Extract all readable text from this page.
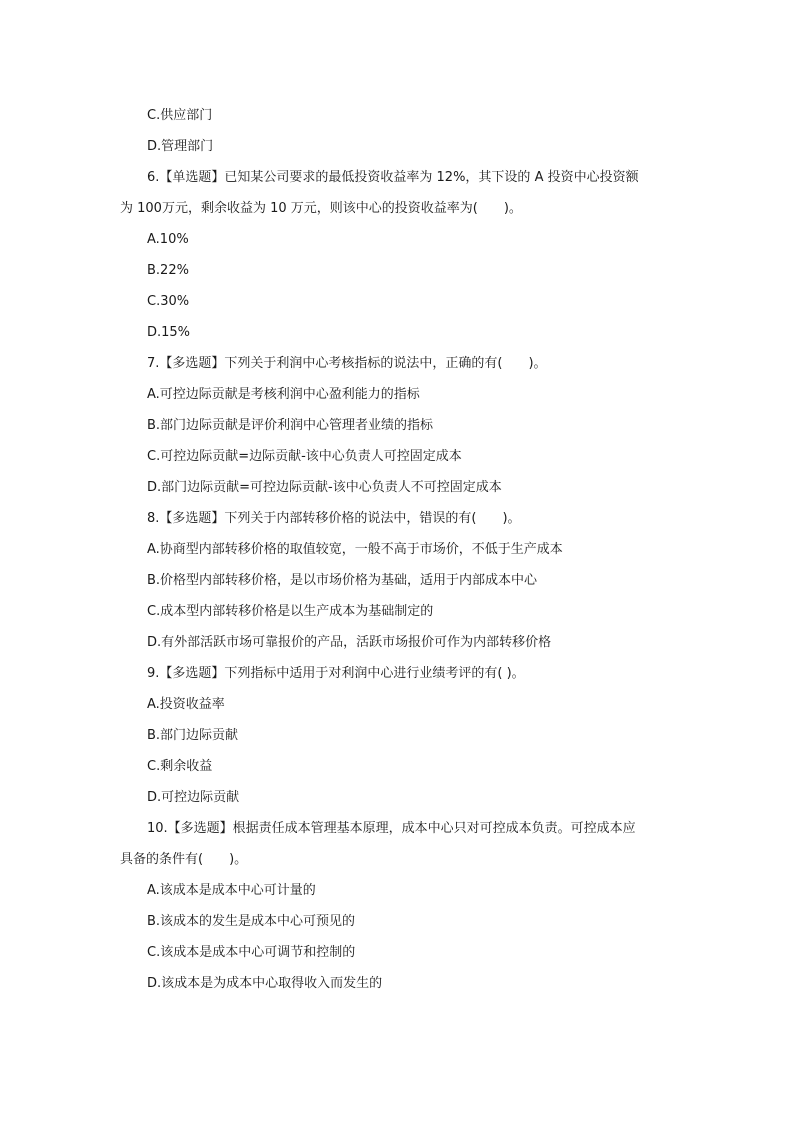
C.供应部门
D.管理部门
6.【单选题】已知某公司要求的最低投资收益率为 12%，其下设的 A 投资中心投资额
为 100万元，剩余收益为 10 万元，则该中心的投资收益率为(　　)。
A.10%
B.22%
C.30%
D.15%
7.【多选题】下列关于利润中心考核指标的说法中，正确的有(　　)。
A.可控边际贡献是考核利润中心盈利能力的指标
B.部门边际贡献是评价利润中心管理者业绩的指标
C.可控边际贡献=边际贡献-该中心负责人可控固定成本
D.部门边际贡献=可控边际贡献-该中心负责人不可控固定成本
8.【多选题】下列关于内部转移价格的说法中，错误的有(　　)。
A.协商型内部转移价格的取值较宽，一般不高于市场价，不低于生产成本
B.价格型内部转移价格，是以市场价格为基础，适用于内部成本中心
C.成本型内部转移价格是以生产成本为基础制定的
D.有外部活跃市场可靠报价的产品，活跃市场报价可作为内部转移价格
9.【多选题】下列指标中适用于对利润中心进行业绩考评的有( )。
A.投资收益率
B.部门边际贡献
C.剩余收益
D.可控边际贡献
10.【多选题】根据责任成本管理基本原理，成本中心只对可控成本负责。可控成本应
具备的条件有(　　)。
A.该成本是成本中心可计量的
B.该成本的发生是成本中心可预见的
C.该成本是成本中心可调节和控制的
D.该成本是为成本中心取得收入而发生的
